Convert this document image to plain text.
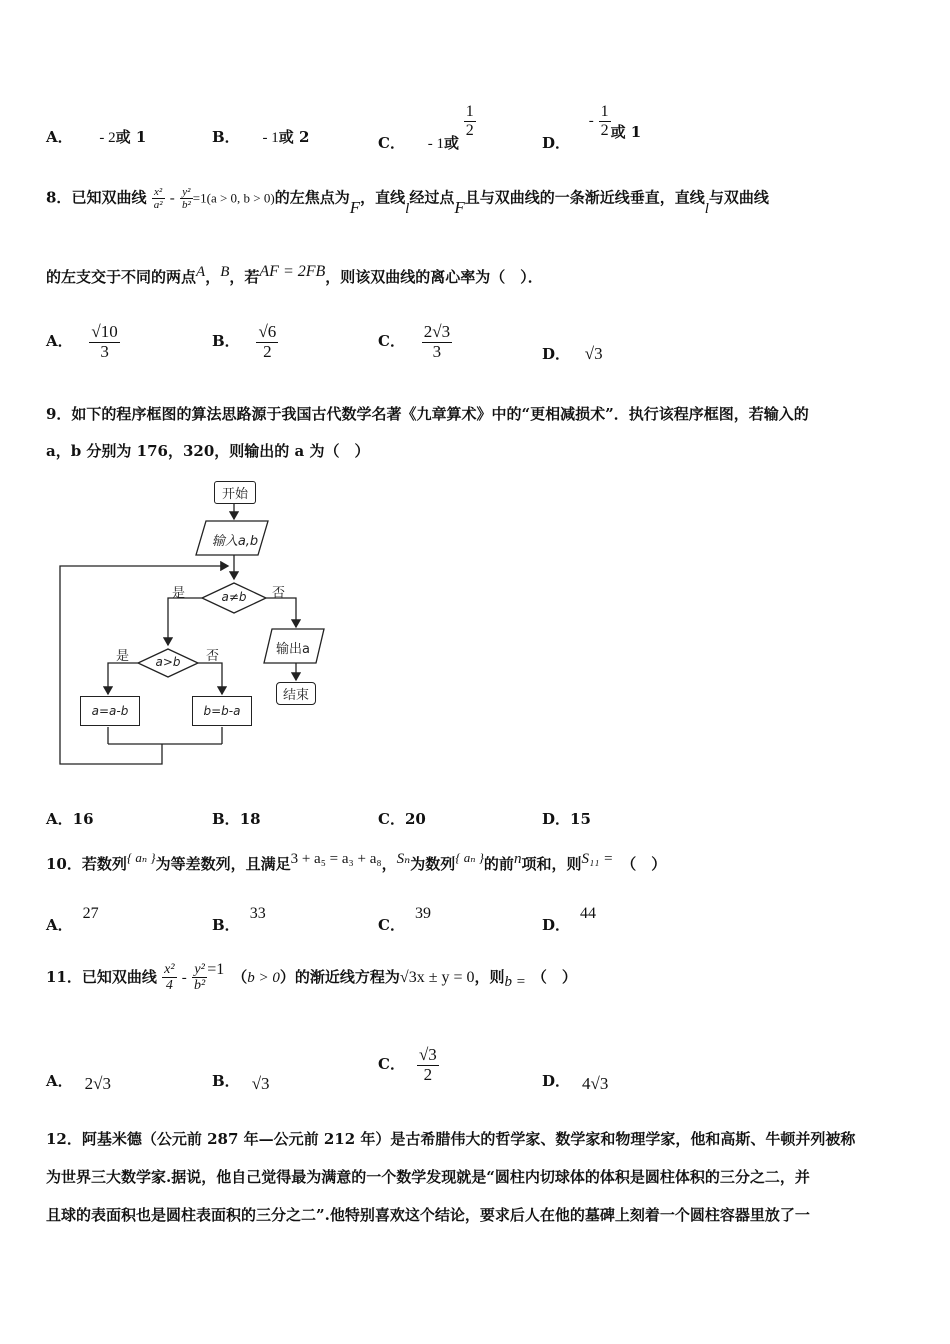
A． - 2或 1	B． - 1或 2	C． - 1或
$\frac{1}{2}$
D． - $\frac{1}{2}$ 或 1
8．已知双曲线 $\frac{\text{x²}}{\text{a²}} - \frac{\text{y²}}{\text{b²}} =1(a > 0$, b > 0)的左焦点为F，直线l经过点F且与双曲线的一条渐近线垂直，直线l与双曲线
的左支交于不同的两点A，B，若AF = 2FB，则该双曲线的离心率为（　）．
A． $\frac{√10}{3}$	B． $\frac{√6}{2}$	C． $\frac{2√3}{3}$	D． √3
9．如下的程序框图的算法思路源于我国古代数学名著《九章算术》中的“更相减损术”．执行该程序框图，若输入的
a，b 分别为 176，320，则输出的 a 为（　）
开始
输入a,b
a≠b
是	否
输出a
结束
a>b
是	否
a=a-b	b=b-a
A．16	B．18	C．20	D．15
10．若数列{ aₙ }为等差数列，且满足3 + a₅ = a₃ + a₈，Sₙ为数列{ aₙ }的前n项和，则S₁₁ = （　）
A．27
B．33
C．39
D．44
11．已知双曲线 $\frac{\text{x²}}{4} - \frac{\text{y²}}{\text{b²}} =1$ （b > 0）的渐近线方程为√3x ± y = 0，则b = （　）
A． 2√3	B． √3
C． $\frac{√3}{2}$	D． 4√3
12．阿基米德（公元前 287 年—公元前 212 年）是古希腊伟大的哲学家、数学家和物理学家，他和高斯、牛顿并列被称
为世界三大数学家.据说，他自己觉得最为满意的一个数学发现就是“圆柱内切球体的体积是圆柱体积的三分之二，并
且球的表面积也是圆柱表面积的三分之二”.他特别喜欢这个结论，要求后人在他的墓碑上刻着一个圆柱容器里放了一
